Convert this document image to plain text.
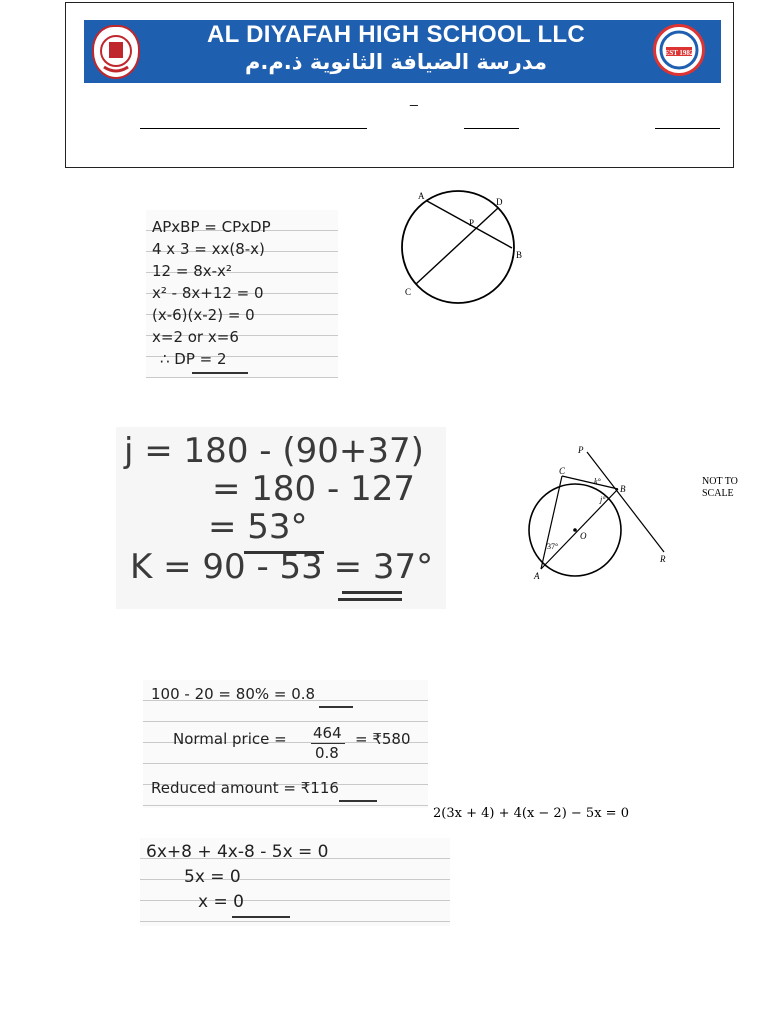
EST 1982
AL DIYAFAH HIGH SCHOOL LLC
مدرسة الضيافة الثانوية ذ.م.م
_
APxBP = CPxDP
4 x 3 = xx(8-x)
12 = 8x-x²
x² - 8x+12 = 0
(x-6)(x-2) = 0
x=2 or x=6
∴ DP = 2
A
D
P
B
C
j = 180 - (90+37)
= 180 - 127
= 53°
K = 90 - 53 = 37°
P
C
k°
B
j°
O
37°
A
R
NOT TO
SCALE
100 - 20 = 80% = 0.8
Normal price = 464
0.8
= ₹580
Reduced amount = ₹116
2(3x + 4) + 4(x − 2) − 5x = 0
6x+8 + 4x-8 - 5x = 0
5x = 0
x = 0
